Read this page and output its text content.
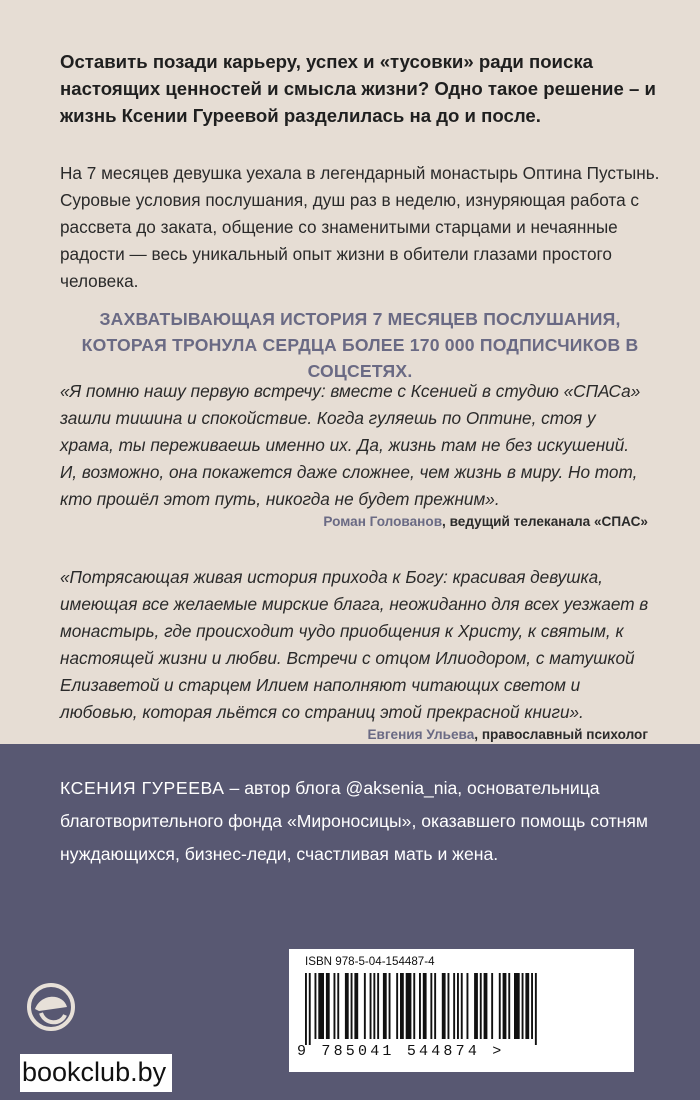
Оставить позади карьеру, успех и «тусовки» ради поиска настоящих ценностей и смысла жизни? Одно такое решение – и жизнь Ксении Гуреевой разделилась на до и после.
На 7 месяцев девушка уехала в легендарный монастырь Оптина Пустынь. Суровые условия послушания, душ раз в неделю, изнуряющая работа с рассвета до заката, общение со знаменитыми старцами и нечаянные радости — весь уникальный опыт жизни в обители глазами простого человека.
ЗАХВАТЫВАЮЩАЯ ИСТОРИЯ 7 МЕСЯЦЕВ ПОСЛУШАНИЯ, КОТОРАЯ ТРОНУЛА СЕРДЦА БОЛЕЕ 170 000 ПОДПИСЧИКОВ В СОЦСЕТЯХ.
«Я помню нашу первую встречу: вместе с Ксенией в студию «СПАСа» зашли тишина и спокойствие. Когда гуляешь по Оптине, стоя у храма, ты переживаешь именно их. Да, жизнь там не без искушений. И, возможно, она покажется даже сложнее, чем жизнь в миру. Но тот, кто прошёл этот путь, никогда не будет прежним».
Роман Голованов, ведущий телеканала «СПАС»
«Потрясающая живая история прихода к Богу: красивая девушка, имеющая все желаемые мирские блага, неожиданно для всех уезжает в монастырь, где происходит чудо приобщения к Христу, к святым, к настоящей жизни и любви. Встречи с отцом Илиодором, с матушкой Елизаветой и старцем Илием наполняют читающих светом и любовью, которая льётся со страниц этой прекрасной книги».
Евгения Ульева, православный психолог
КСЕНИЯ ГУРЕЕВА – автор блога @aksenia_nia, основательница благотворительного фонда «Мироносицы», оказавшего помощь сотням нуждающихся, бизнес-леди, счастливая мать и жена.
ISBN 978-5-04-154487-4
9 785041 544874 >
bookclub.by
